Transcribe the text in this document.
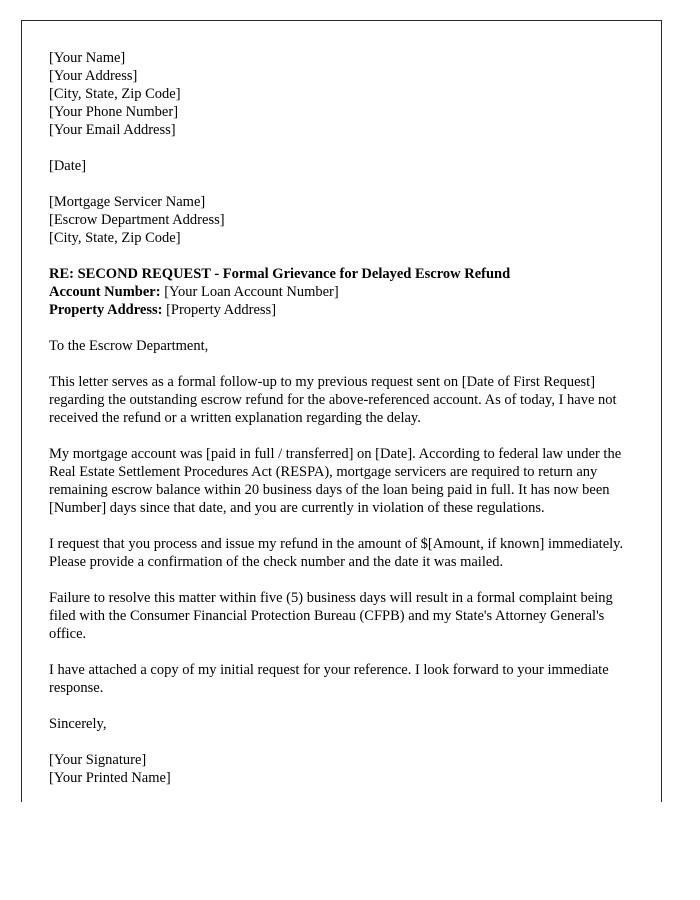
[Your Name]
[Your Address]
[City, State, Zip Code]
[Your Phone Number]
[Your Email Address]
[Date]
[Mortgage Servicer Name]
[Escrow Department Address]
[City, State, Zip Code]
RE: SECOND REQUEST - Formal Grievance for Delayed Escrow Refund
Account Number: [Your Loan Account Number]
Property Address: [Property Address]
To the Escrow Department,
This letter serves as a formal follow-up to my previous request sent on [Date of First Request] regarding the outstanding escrow refund for the above-referenced account. As of today, I have not received the refund or a written explanation regarding the delay.
My mortgage account was [paid in full / transferred] on [Date]. According to federal law under the Real Estate Settlement Procedures Act (RESPA), mortgage servicers are required to return any remaining escrow balance within 20 business days of the loan being paid in full. It has now been [Number] days since that date, and you are currently in violation of these regulations.
I request that you process and issue my refund in the amount of $[Amount, if known] immediately. Please provide a confirmation of the check number and the date it was mailed.
Failure to resolve this matter within five (5) business days will result in a formal complaint being filed with the Consumer Financial Protection Bureau (CFPB) and my State's Attorney General's office.
I have attached a copy of my initial request for your reference. I look forward to your immediate response.
Sincerely,
[Your Signature]
[Your Printed Name]
